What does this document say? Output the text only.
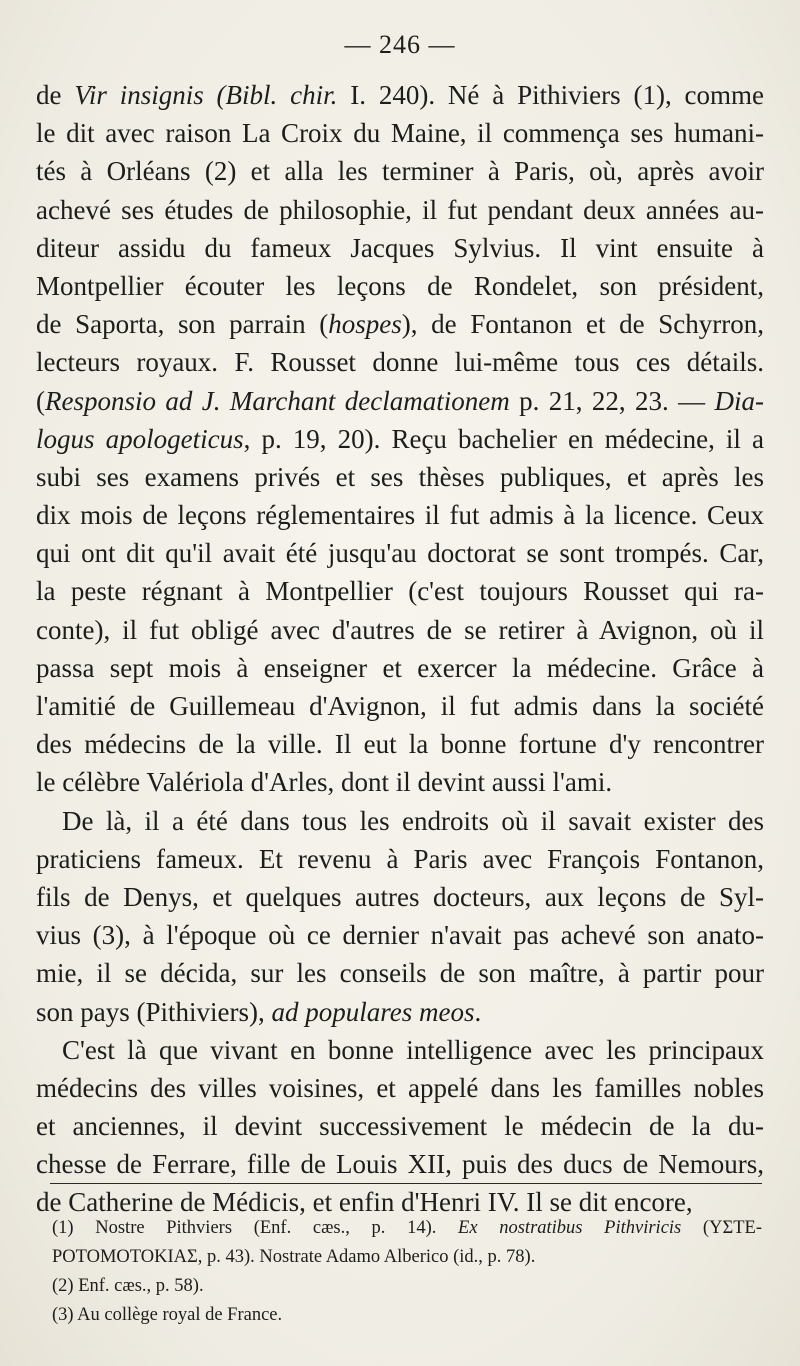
— 246 —
de Vir insignis (Bibl. chir. I. 240). Né à Pithiviers (1), comme
le dit avec raison La Croix du Maine, il commença ses humani-
tés à Orléans (2) et alla les terminer à Paris, où, après avoir
achevé ses études de philosophie, il fut pendant deux années au-
diteur assidu du fameux Jacques Sylvius. Il vint ensuite à
Montpellier écouter les leçons de Rondelet, son président,
de Saporta, son parrain (hospes), de Fontanon et de Schyrron,
lecteurs royaux. F. Rousset donne lui-même tous ces détails.
(Responsio ad J. Marchant declamationem p. 21, 22, 23. — Dia-
logus apologeticus, p. 19, 20). Reçu bachelier en médecine, il a
subi ses examens privés et ses thèses publiques, et après les
dix mois de leçons réglementaires il fut admis à la licence. Ceux
qui ont dit qu'il avait été jusqu'au doctorat se sont trompés. Car,
la peste régnant à Montpellier (c'est toujours Rousset qui ra-
conte), il fut obligé avec d'autres de se retirer à Avignon, où il
passa sept mois à enseigner et exercer la médecine. Grâce à
l'amitié de Guillemeau d'Avignon, il fut admis dans la société
des médecins de la ville. Il eut la bonne fortune d'y rencontrer
le célèbre Valériola d'Arles, dont il devint aussi l'ami.
De là, il a été dans tous les endroits où il savait exister des
praticiens fameux. Et revenu à Paris avec François Fontanon,
fils de Denys, et quelques autres docteurs, aux leçons de Syl-
vius (3), à l'époque où ce dernier n'avait pas achevé son anato-
mie, il se décida, sur les conseils de son maître, à partir pour
son pays (Pithiviers), ad populares meos.
C'est là que vivant en bonne intelligence avec les principaux
médecins des villes voisines, et appelé dans les familles nobles
et anciennes, il devint successivement le médecin de la du-
chesse de Ferrare, fille de Louis XII, puis des ducs de Nemours,
de Catherine de Médicis, et enfin d'Henri IV. Il se dit encore,
(1) Nostre Pithviers (Enf. cæs., p. 14). Ex nostratibus Pithviricis (ΥΣΤΕ-
ΡΟΤΟΜΟΤΟΚΙΑΣ, p. 43). Nostrate Adamo Alberico (id., p. 78).
(2) Enf. cæs., p. 58).
(3) Au collège royal de France.
